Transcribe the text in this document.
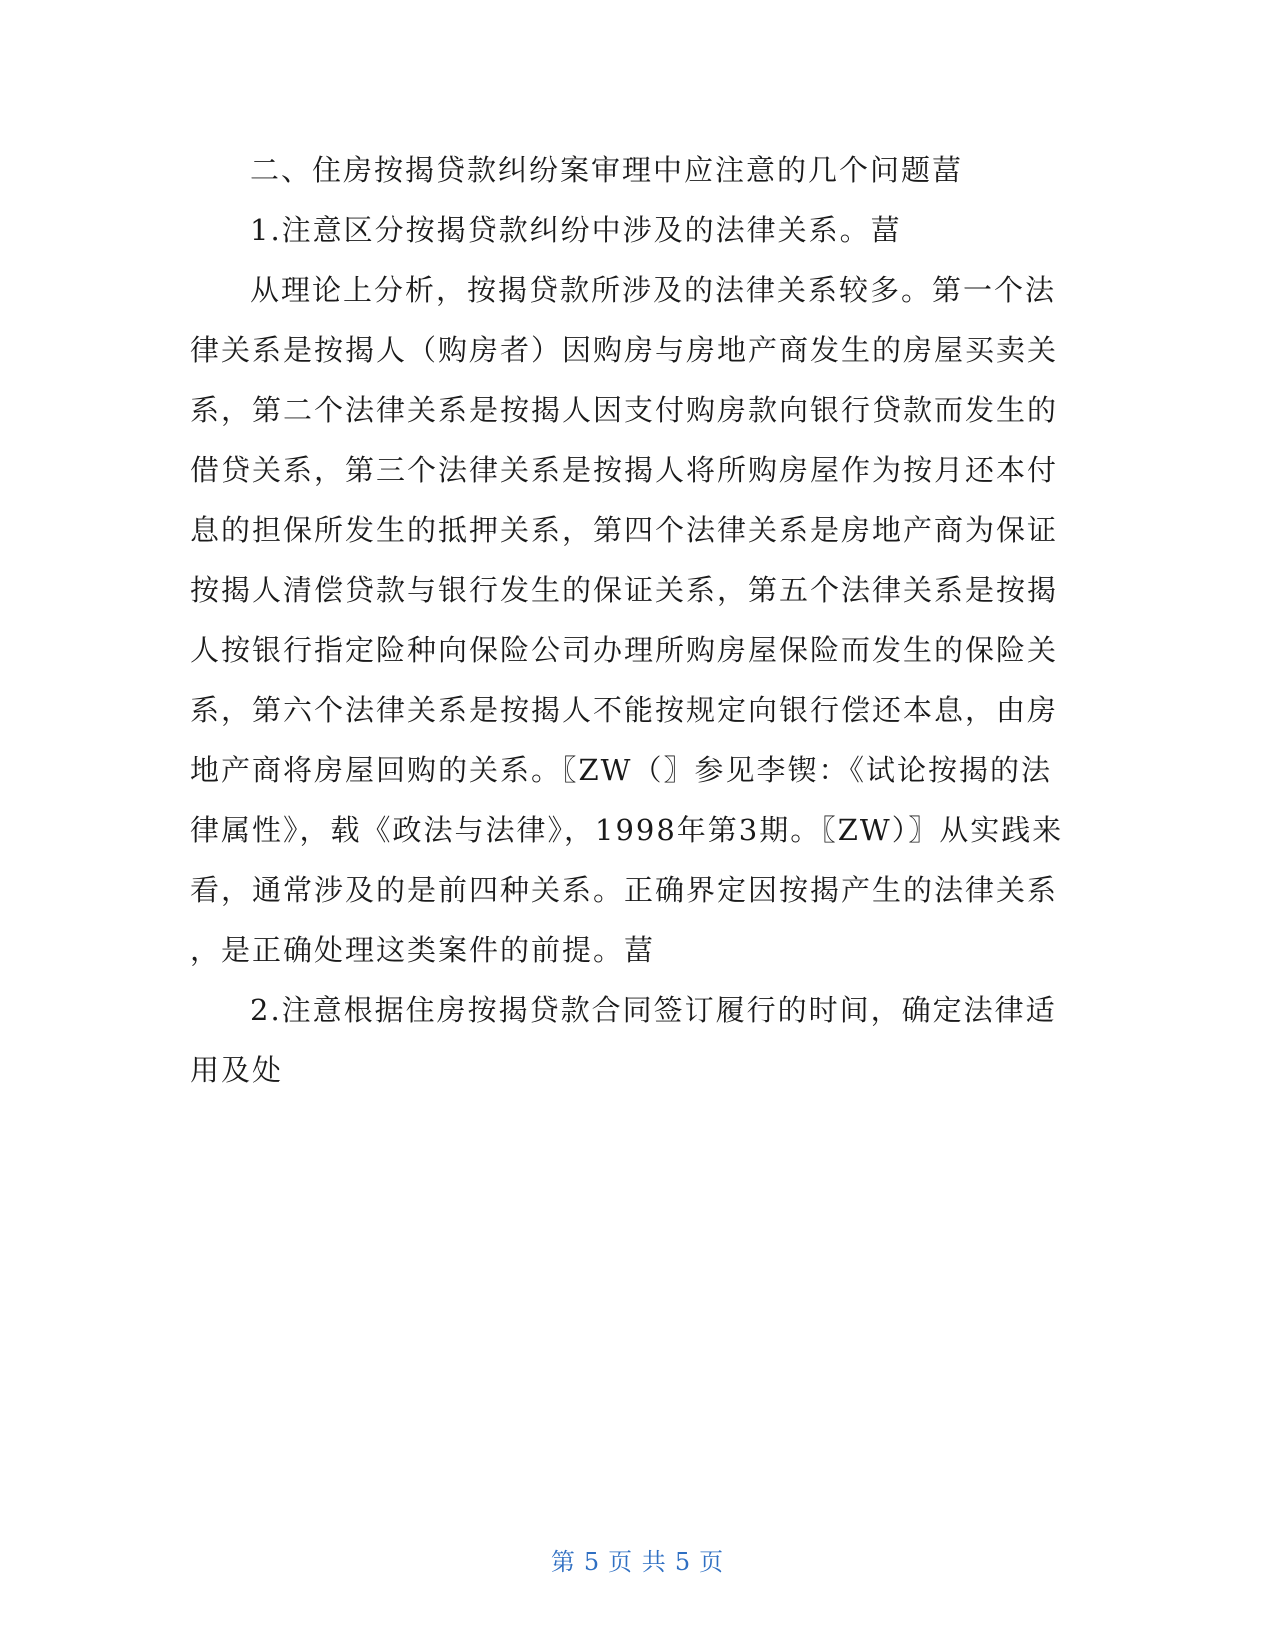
二、住房按揭贷款纠纷案审理中应注意的几个问题葍
1.注意区分按揭贷款纠纷中涉及的法律关系。葍
从理论上分析，按揭贷款所涉及的法律关系较多。第一个法
律关系是按揭人（购房者）因购房与房地产商发生的房屋买卖关
系，第二个法律关系是按揭人因支付购房款向银行贷款而发生的
借贷关系，第三个法律关系是按揭人将所购房屋作为按月还本付
息的担保所发生的抵押关系，第四个法律关系是房地产商为保证
按揭人清偿贷款与银行发生的保证关系，第五个法律关系是按揭
人按银行指定险种向保险公司办理所购房屋保险而发生的保险关
系，第六个法律关系是按揭人不能按规定向银行偿还本息，由房
地产商将房屋回购的关系。〖ZW（〗参见李锲：《试论按揭的法
律属性》，载《政法与法律》，1998年第3期。〖ZW）〗从实践来
看，通常涉及的是前四种关系。正确界定因按揭产生的法律关系
，是正确处理这类案件的前提。葍
2.注意根据住房按揭贷款合同签订履行的时间，确定法律适
用及处
第 5 页 共 5 页
